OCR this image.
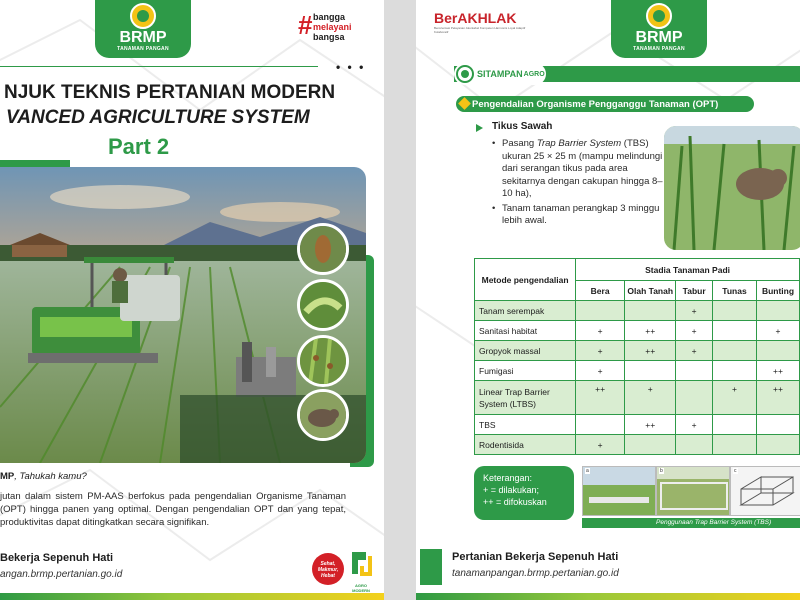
BRMP
TANAMAN PANGAN
# bangga
melayani
bangsa
• • •
NJUK TEKNIS PERTANIAN MODERN
VANCED AGRICULTURE SYSTEM
Part 2
MP, Tahukah kamu?
jutan dalam sistem PM-AAS berfokus pada pengendalian Organisme Tanaman (OPT) hingga panen yang optimal. Dengan pengendalian OPT dan yang tepat, produktivitas dapat ditingkatkan secara signifikan.
Bekerja Sepenuh Hati
angan.brmp.pertanian.go.id
Sehat, Makmur, Hebat
AGRO MODERN
BerAKHLAK
Berorientasi Pelayanan Akuntabel Kompeten Harmonis Loyal Adaptif Kolaboratif	BRMP
TANAMAN PANGAN
SITAMPAN AGRO
Pengendalian Organisme Pengganggu Tanaman (OPT)
Tikus Sawah
• Pasang Trap Barrier System (TBS) ukuran 25 × 25 m (mampu melindungi dari serangan tikus pada area sekitarnya dengan cakupan hingga 8–10 ha),
• Tanam tanaman perangkap 3 minggu lebih awal.
Metode pengendalian	Stadia Tanaman Padi				
	Bera	Olah Tanah	Tabur	Tunas	Bunting
Tanam serempak			+		
Sanitasi habitat	+	++	+		+
Gropyok massal	+	++	+		
Fumigasi	+				++
Linear Trap Barrier System (LTBS)	++	+		+	++
TBS		++	+		
Rodentisida	+				
Keterangan:
+ = dilakukan;
++ = difokuskan
a	b	c
Penggunaan Trap Barrier System (TBS)
Pertanian Bekerja Sepenuh Hati
tanamanpangan.brmp.pertanian.go.id
